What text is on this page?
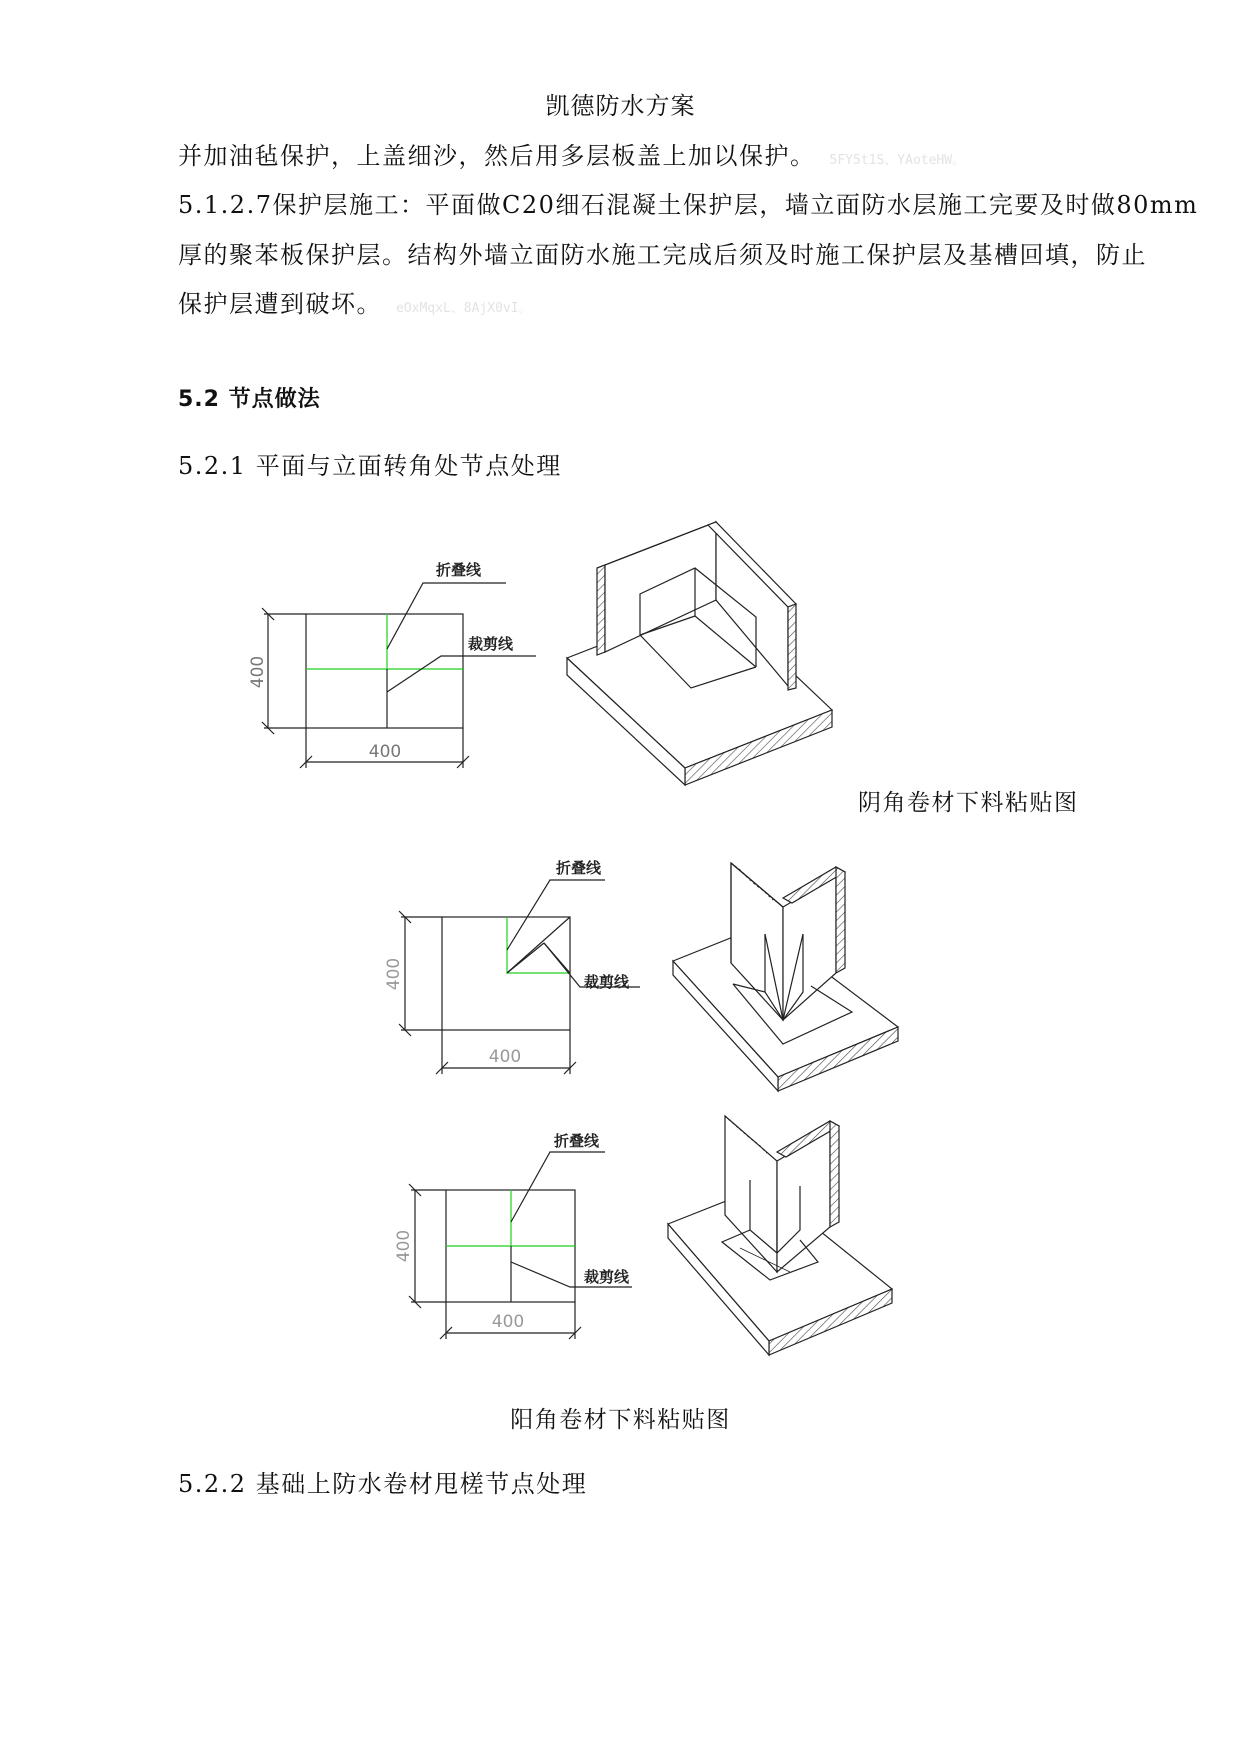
凯德防水方案
并加油毡保护，上盖细沙，然后用多层板盖上加以保护。 5FY5t1S、YAoteHW。
5.1.2.7保护层施工：平面做C20细石混凝土保护层，墙立面防水层施工完要及时做80mm
厚的聚苯板保护层。结构外墙立面防水施工完成后须及时施工保护层及基槽回填，防止
保护层遭到破坏。 eOxMqxL、8AjX0vI。
5.2 节点做法
5.2.1 平面与立面转角处节点处理
折叠线
裁剪线
400
400
阴角卷材下料粘贴图
折叠线
裁剪线
400
400
折叠线
裁剪线
400
400
阳角卷材下料粘贴图
5.2.2 基础上防水卷材甩槎节点处理
